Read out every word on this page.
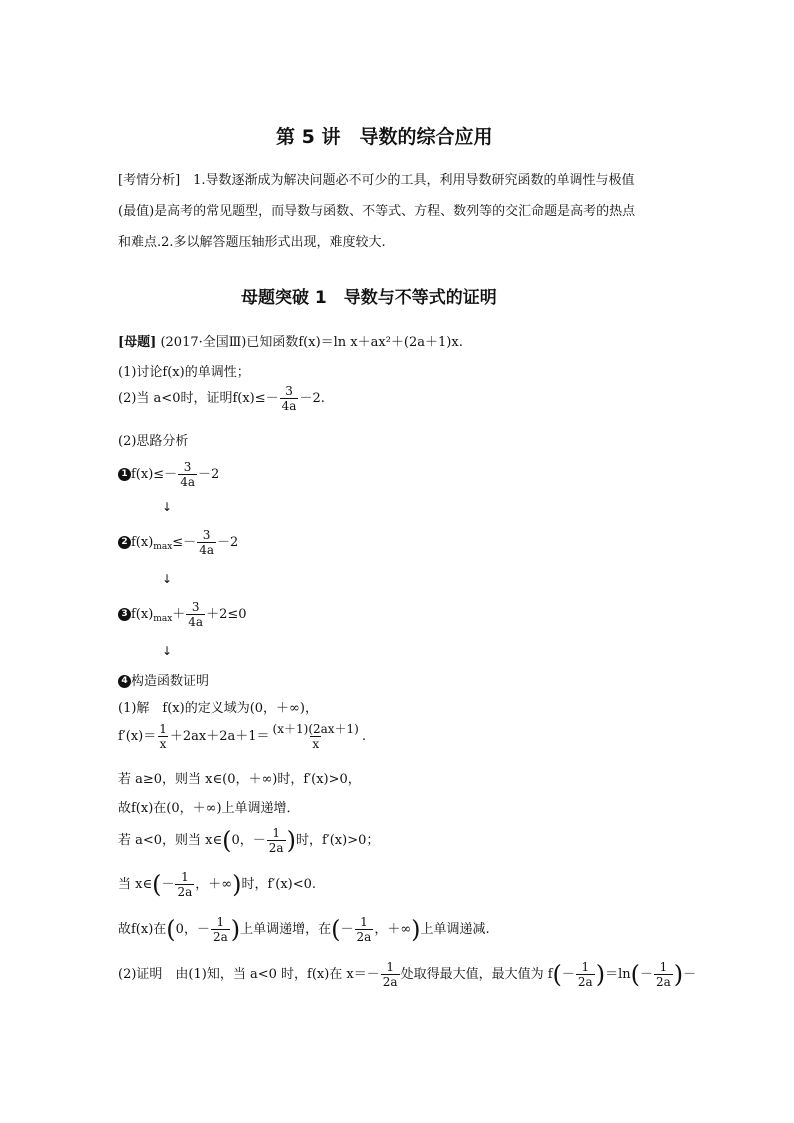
第 5 讲　导数的综合应用
[考情分析]　1.导数逐渐成为解决问题必不可少的工具，利用导数研究函数的单调性与极值
(最值)是高考的常见题型，而导数与函数、不等式、方程、数列等的交汇命题是高考的热点
和难点.2.多以解答题压轴形式出现，难度较大.
母题突破 1　导数与不等式的证明
[母题] (2017·全国Ⅲ)已知函数f(x)＝ln x＋ax²＋(2a＋1)x.
(1)讨论f(x)的单调性；
(2)当 a<0时，证明$f(x)\le- \frac{3}{4a} -2$.
(2)思路分析
1 $f(x)\le- \frac{3}{4a} -2$
↓
2 $f(x)_{max}\le- \frac{3}{4a} -2$
↓
3 $f(x)_{max}+ \frac{3}{4a} +2\le 0$
↓
4 构造函数证明
(1)解　f(x)的定义域为(0，＋∞)，
$f'(x)= \frac{1}{x} +2ax+2a+1= \frac{(x+1)(2ax+1)}{x}$ .
若 a≥0，则当 x∈(0，＋∞)时，f′(x)>0，
故f(x)在(0，＋∞)上单调递增．
若 a<0，则当 x∈(0，－ $\frac{1}{2a}$ )时，f′(x)>0；
当 x∈(－ $\frac{1}{2a}$ ，＋∞)时，f′(x)<0.
故f(x)在(0，－ $\frac{1}{2a}$ )上单调递增，在(－ $\frac{1}{2a}$ ，＋∞)上单调递减.
(2)证明　由(1)知，当 a<0 时，f(x)在 $x=- \frac{1}{2a}$ 处取得最大值，最大值为 $f(- \frac{1}{2a} )=\ln(- \frac{1}{2a}$ )－
